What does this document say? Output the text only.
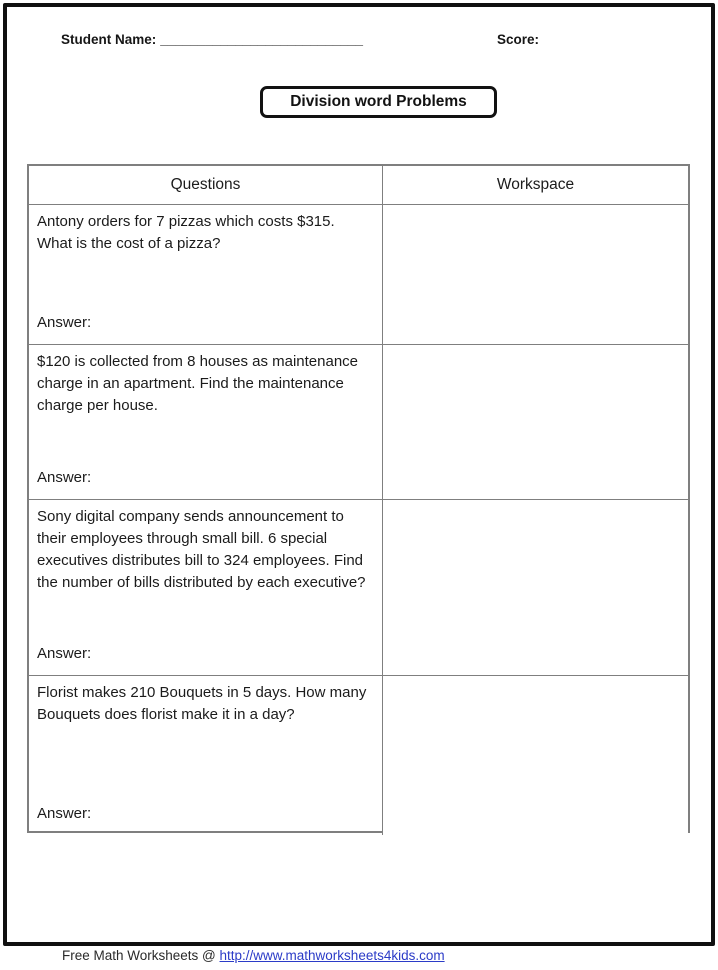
Student Name: ___________________________	Score:
Division word Problems
Questions	Workspace
Antony orders for 7 pizzas which costs $315. What is the cost of a pizza?
Answer:
$120 is collected from 8 houses as maintenance charge in an apartment. Find the maintenance charge per house.
Answer:
Sony digital company sends announcement to their employees through small bill. 6 special executives distributes bill to 324 employees. Find the number of bills distributed by each executive?
Answer:
Florist makes 210 Bouquets in 5 days. How many Bouquets does florist make it in a day?
Answer:
Free Math Worksheets @ http://www.mathworksheets4kids.com
